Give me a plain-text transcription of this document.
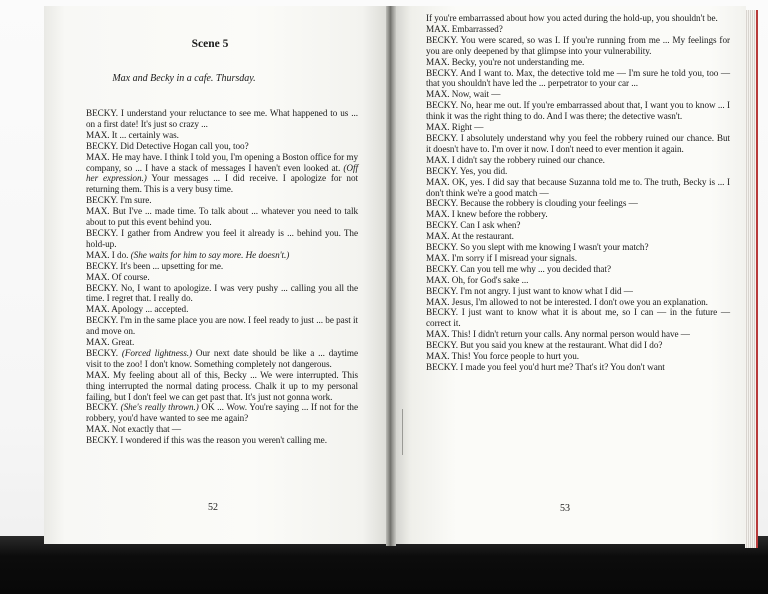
Scene 5

Max and Becky in a cafe. Thursday.

BECKY. I understand your reluctance to see me. What happened to us ... on a first date! It's just so crazy ...

MAX. It ... certainly was.

BECKY. Did Detective Hogan call you, too?

MAX. He may have. I think I told you, I'm opening a Boston office for my company, so ... I have a stack of messages I haven't even looked at. (Off her expression.) Your messages ... I did receive. I apologize for not returning them. This is a very busy time.

BECKY. I'm sure.

MAX. But I've ... made time. To talk about ... whatever you need to talk about to put this event behind you.

BECKY. I gather from Andrew you feel it already is ... behind you. The hold-up.

MAX. I do. (She waits for him to say more. He doesn't.)

BECKY. It's been ... upsetting for me.

MAX. Of course.

BECKY. No, I want to apologize. I was very pushy ... calling you all the time. I regret that. I really do.

MAX. Apology ... accepted.

BECKY. I'm in the same place you are now. I feel ready to just ... be past it and move on.

MAX. Great.

BECKY. (Forced lightness.) Our next date should be like a ... daytime visit to the zoo! I don't know. Something completely not dangerous.

MAX. My feeling about all of this, Becky ... We were interrupted. This thing interrupted the normal dating process. Chalk it up to my personal failing, but I don't feel we can get past that. It's just not gonna work.

BECKY. (She's really thrown.) OK ... Wow. You're saying ... If not for the robbery, you'd have wanted to see me again?

MAX. Not exactly that —

BECKY. I wondered if this was the reason you weren't calling me.

If you're embarrassed about how you acted during the hold-up, you shouldn't be.

MAX. Embarrassed?

BECKY. You were scared, so was I. If you're running from me ... My feelings for you are only deepened by that glimpse into your vulnerability.

MAX. Becky, you're not understanding me.

BECKY. And I want to. Max, the detective told me — I'm sure he told you, too — that you shouldn't have led the ... perpetrator to your car ...

MAX. Now, wait —

BECKY. No, hear me out. If you're embarrassed about that, I want you to know ... I think it was the right thing to do. And I was there; the detective wasn't.

MAX. Right —

BECKY. I absolutely understand why you feel the robbery ruined our chance. But it doesn't have to. I'm over it now. I don't need to ever mention it again.

MAX. I didn't say the robbery ruined our chance.

BECKY. Yes, you did.

MAX. OK, yes. I did say that because Suzanna told me to. The truth, Becky is ... I don't think we're a good match —

BECKY. Because the robbery is clouding your feelings —

MAX. I knew before the robbery.

BECKY. Can I ask when?

MAX. At the restaurant.

BECKY. So you slept with me knowing I wasn't your match?

MAX. I'm sorry if I misread your signals.

BECKY. Can you tell me why ... you decided that?

MAX. Oh, for God's sake ...

BECKY. I'm not angry. I just want to know what I did —

MAX. Jesus, I'm allowed to not be interested. I don't owe you an explanation.

BECKY. I just want to know what it is about me, so I can — in the future — correct it.

MAX. This! I didn't return your calls. Any normal person would have —

BECKY. But you said you knew at the restaurant. What did I do?

MAX. This! You force people to hurt you.

BECKY. I made you feel you'd hurt me? That's it? You don't want

52	53
